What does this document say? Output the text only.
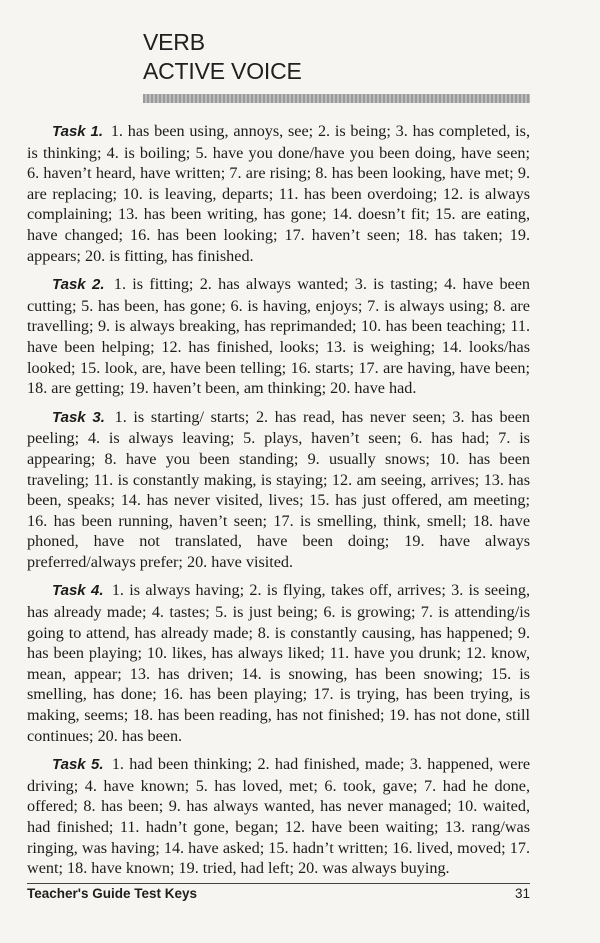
VERB
ACTIVE VOICE

Task 1. 1. has been using, annoys, see; 2. is being; 3. has completed, is, is thinking; 4. is boiling; 5. have you done/have you been doing, have seen; 6. haven’t heard, have written; 7. are rising; 8. has been looking, have met; 9. are replacing; 10. is leaving, departs; 11. has been overdoing; 12. is always complaining; 13. has been writing, has gone; 14. doesn’t fit; 15. are eating, have changed; 16. has been looking; 17. haven’t seen; 18. has taken; 19. appears; 20. is fitting, has finished.

Task 2. 1. is fitting; 2. has always wanted; 3. is tasting; 4. have been cutting; 5. has been, has gone; 6. is having, enjoys; 7. is always using; 8. are travelling; 9. is always breaking, has reprimanded; 10. has been teaching; 11. have been helping; 12. has finished, looks; 13. is weighing; 14. looks/has looked; 15. look, are, have been telling; 16. starts; 17. are having, have been; 18. are getting; 19. haven’t been, am thinking; 20. have had.

Task 3. 1. is starting/ starts; 2. has read, has never seen; 3. has been peeling; 4. is always leaving; 5. plays, haven’t seen; 6. has had; 7. is appearing; 8. have you been standing; 9. usually snows; 10. has been traveling; 11. is constantly making, is staying; 12. am seeing, arrives; 13. has been, speaks; 14. has never visited, lives; 15. has just offered, am meeting; 16. has been running, haven’t seen; 17. is smelling, think, smell; 18. have phoned, have not translated, have been doing; 19. have always preferred/always prefer; 20. have visited.

Task 4. 1. is always having; 2. is flying, takes off, arrives; 3. is seeing, has already made; 4. tastes; 5. is just being; 6. is growing; 7. is attending/is going to attend, has already made; 8. is constantly causing, has happened; 9. has been playing; 10. likes, has always liked; 11. have you drunk; 12. know, mean, appear; 13. has driven; 14. is snowing, has been snowing; 15. is smelling, has done; 16. has been playing; 17. is trying, has been trying, is making, seems; 18. has been reading, has not finished; 19. has not done, still continues; 20. has been.

Task 5. 1. had been thinking; 2. had finished, made; 3. happened, were driving; 4. have known; 5. has loved, met; 6. took, gave; 7. had he done, offered; 8. has been; 9. has always wanted, has never managed; 10. waited, had finished; 11. hadn’t gone, began; 12. have been waiting; 13. rang/was ringing, was having; 14. have asked; 15. hadn’t written; 16. lived, moved; 17. went; 18. have known; 19. tried, had left; 20. was always buying.

Teacher's Guide Test Keys	31
